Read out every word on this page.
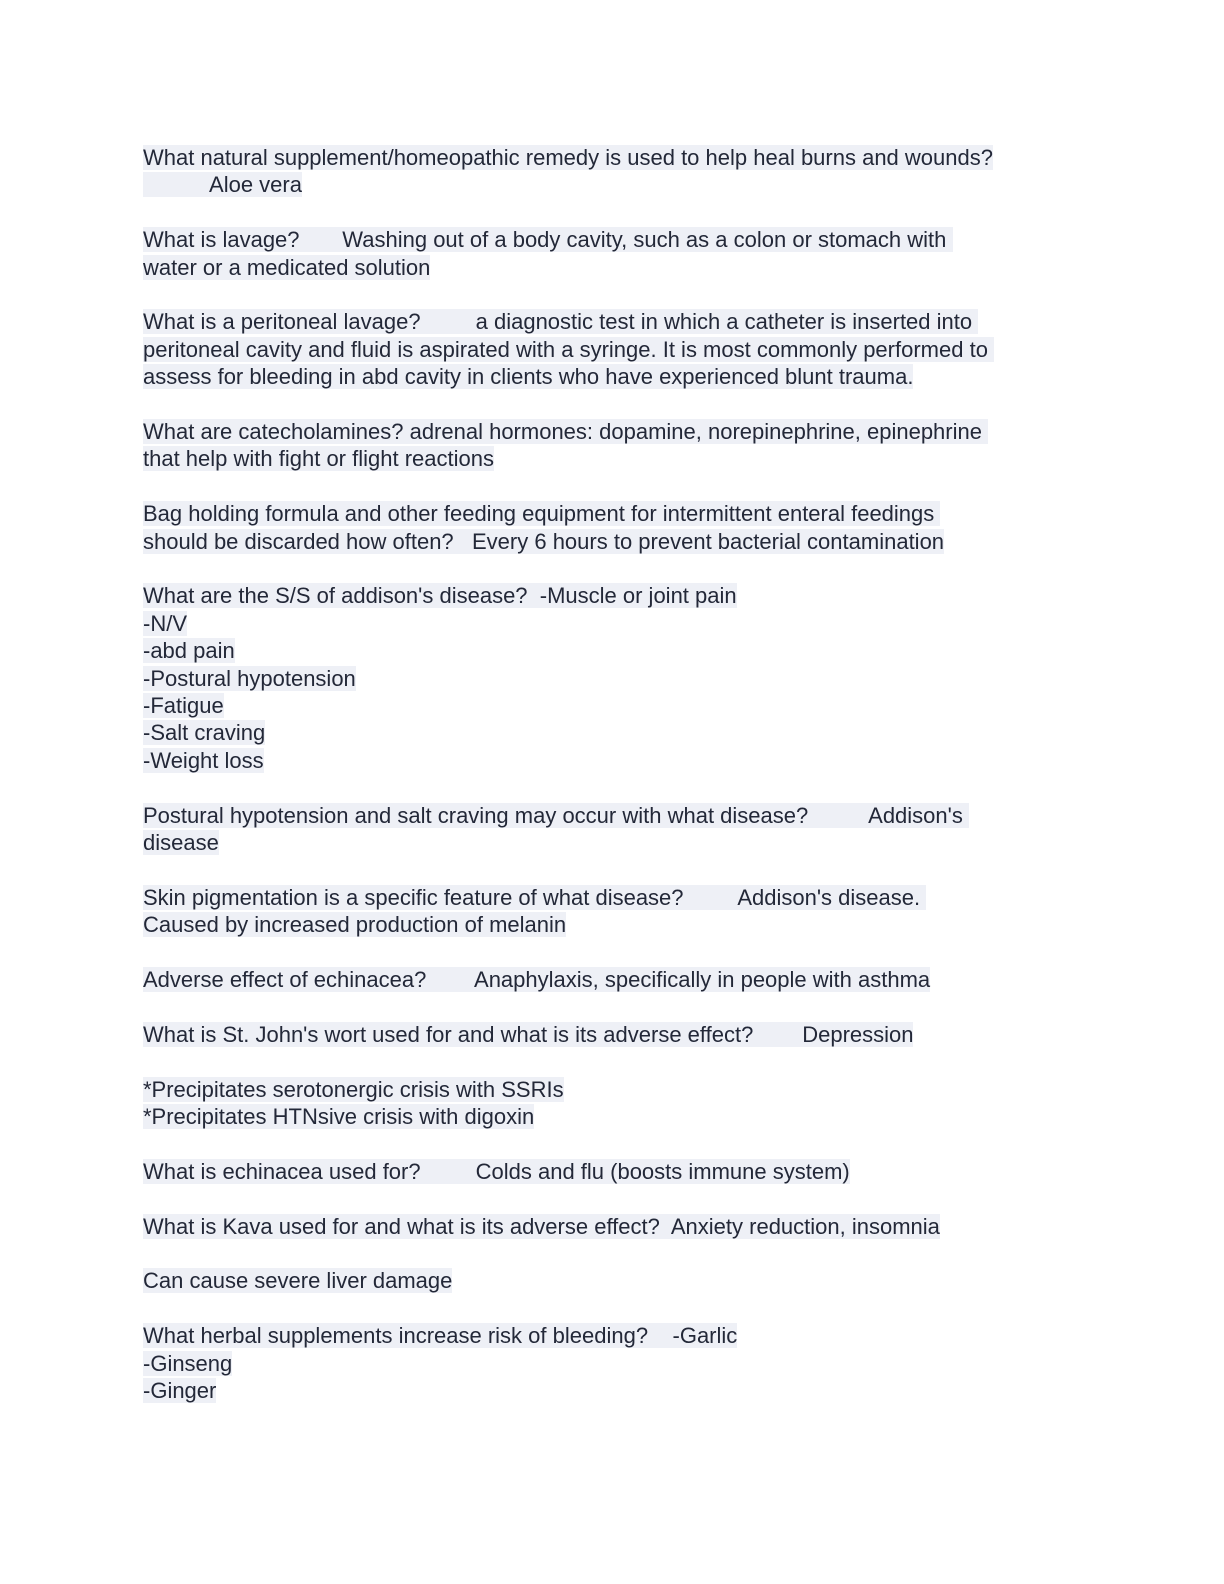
What natural supplement/homeopathic remedy is used to help heal burns and wounds?
Aloe vera
What is lavage?       Washing out of a body cavity, such as a colon or stomach with
water or a medicated solution
What is a peritoneal lavage?         a diagnostic test in which a catheter is inserted into
peritoneal cavity and fluid is aspirated with a syringe. It is most commonly performed to
assess for bleeding in abd cavity in clients who have experienced blunt trauma.
What are catecholamines? adrenal hormones: dopamine, norepinephrine, epinephrine
that help with fight or flight reactions
Bag holding formula and other feeding equipment for intermittent enteral feedings
should be discarded how often?   Every 6 hours to prevent bacterial contamination
What are the S/S of addison's disease?  -Muscle or joint pain
-N/V
-abd pain
-Postural hypotension
-Fatigue
-Salt craving
-Weight loss
Postural hypotension and salt craving may occur with what disease?          Addison's
disease
Skin pigmentation is a specific feature of what disease?         Addison's disease.
Caused by increased production of melanin
Adverse effect of echinacea?        Anaphylaxis, specifically in people with asthma
What is St. John's wort used for and what is its adverse effect?        Depression
*Precipitates serotonergic crisis with SSRIs
*Precipitates HTNsive crisis with digoxin
What is echinacea used for?         Colds and flu (boosts immune system)
What is Kava used for and what is its adverse effect?  Anxiety reduction, insomnia
Can cause severe liver damage
What herbal supplements increase risk of bleeding?    -Garlic
-Ginseng
-Ginger
